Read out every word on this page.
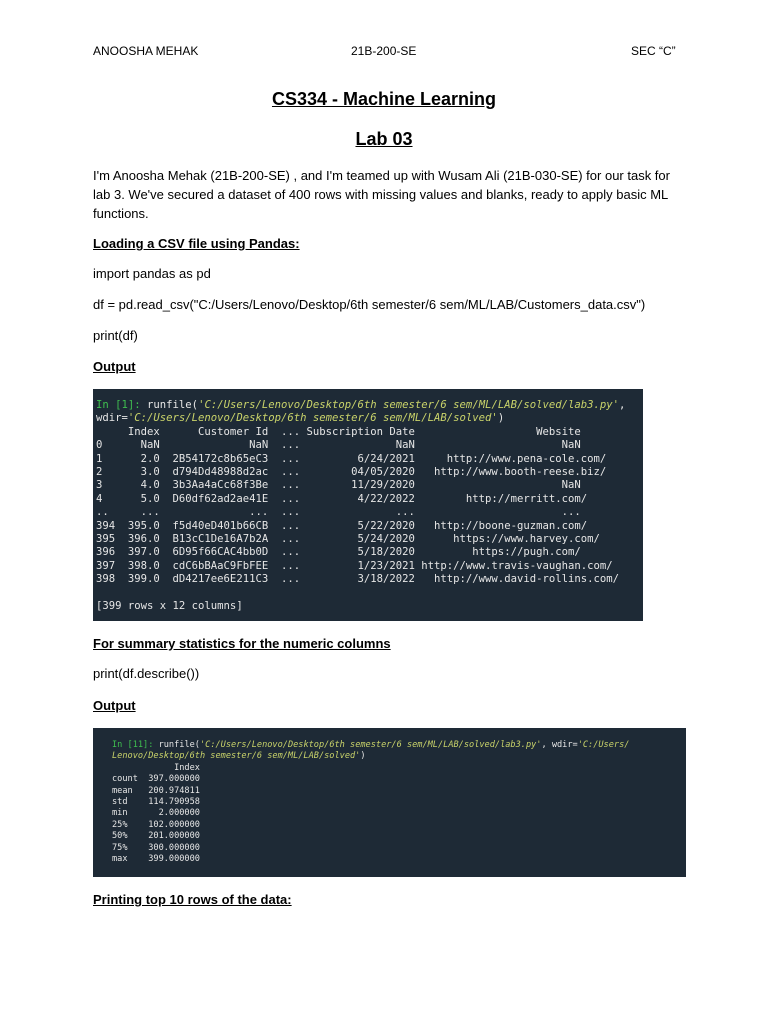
ANOOSHA MEHAK	21B-200-SE	SEC “C”
CS334 - Machine Learning
Lab 03
I'm Anoosha Mehak (21B-200-SE) , and I'm teamed up with Wusam Ali (21B-030-SE) for our task for lab 3. We've secured a dataset of 400 rows with missing values and blanks, ready to apply basic ML functions.
Loading a CSV file using Pandas:
import pandas as pd
df = pd.read_csv("C:/Users/Lenovo/Desktop/6th semester/6 sem/ML/LAB/Customers_data.csv")
print(df)
Output
In [1]: runfile('C:/Users/Lenovo/Desktop/6th semester/6 sem/ML/LAB/solved/lab3.py',
wdir='C:/Users/Lenovo/Desktop/6th semester/6 sem/ML/LAB/solved')
Index      Customer Id  ... Subscription Date                   Website
0      NaN              NaN  ...               NaN                       NaN
1      2.0  2B54172c8b65eC3  ...         6/24/2021     http://www.pena-cole.com/
2      3.0  d794Dd48988d2ac  ...        04/05/2020   http://www.booth-reese.biz/
3      4.0  3b3Aa4aCc68f3Be  ...        11/29/2020                       NaN
4      5.0  D60df62ad2ae41E  ...         4/22/2022        http://merritt.com/
..     ...              ...  ...               ...                       ...
394  395.0  f5d40eD401b66CB  ...         5/22/2020   http://boone-guzman.com/
395  396.0  B13cC1De16A7b2A  ...         5/24/2020      https://www.harvey.com/
396  397.0  6D95f66CAC4bb0D  ...         5/18/2020         https://pugh.com/
397  398.0  cdC6bBAaC9FbFEE  ...         1/23/2021 http://www.travis-vaughan.com/
398  399.0  dD4217ee6E211C3  ...         3/18/2022   http://www.david-rollins.com/

[399 rows x 12 columns]
For summary statistics for the numeric columns
print(df.describe())
Output
In [11]: runfile('C:/Users/Lenovo/Desktop/6th semester/6 sem/ML/LAB/solved/lab3.py', wdir='C:/Users/
Lenovo/Desktop/6th semester/6 sem/ML/LAB/solved')
Index
count  397.000000
mean   200.974811
std    114.790958
min      2.000000
25%    102.000000
50%    201.000000
75%    300.000000
max    399.000000
Printing top 10 rows of the data:
